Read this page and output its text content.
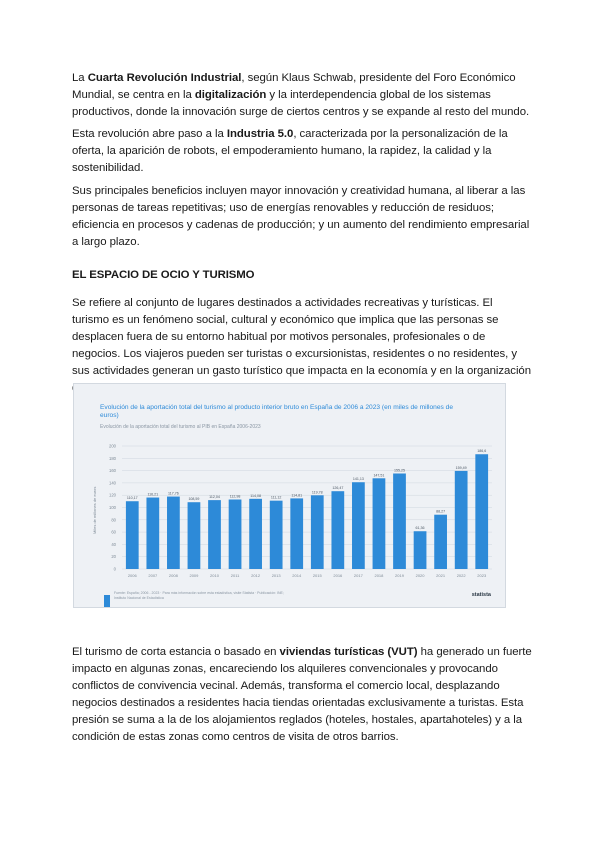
La Cuarta Revolución Industrial, según Klaus Schwab, presidente del Foro Económico Mundial, se centra en la digitalización y la interdependencia global de los sistemas productivos, donde la innovación surge de ciertos centros y se expande al resto del mundo.

Esta revolución abre paso a la Industria 5.0, caracterizada por la personalización de la oferta, la aparición de robots, el empoderamiento humano, la rapidez, la calidad y la sostenibilidad.

Sus principales beneficios incluyen mayor innovación y creatividad humana, al liberar a las personas de tareas repetitivas; uso de energías renovables y reducción de residuos; eficiencia en procesos y cadenas de producción; y un aumento del rendimiento empresarial a largo plazo.

EL ESPACIO DE OCIO Y TURISMO

Se refiere al conjunto de lugares destinados a actividades recreativas y turísticas. El turismo es un fenómeno social, cultural y económico que implica que las personas se desplacen fuera de su entorno habitual por motivos personales, profesionales o de negocios. Los viajeros pueden ser turistas o excursionistas, residentes o no residentes, y sus actividades generan un gasto turístico que impacta en la economía y en la organización

El turismo de corta estancia o basado en viviendas turísticas (VUT) ha generado un fuerte impacto en algunas zonas, encareciendo los alquileres convencionales y provocando conflictos de convivencia vecinal. Además, transforma el comercio local, desplazando negocios destinados a residentes hacia tiendas orientadas exclusivamente a turistas. Esta presión se suma a la de los alojamientos reglados (hoteles, hostales, apartahoteles) y a la condición de estas zonas como centros de visita de otros barrios.

Evolución de la aportación total del turismo al producto interior bruto en España de 2006 a 2023 (en miles de millones de euros)
Evolución de la aportación total del turismo al PIB en España 2006-2023
Miles de millones de euros
0
20
40
60
80
100
120
140
160
180
200
110,17
2006
116,21
2007
117,76
2008
108,59
2009
112,04
2010
112,98
2011
114,08
2012
111,12
2013
114,81
2014
119,78
2015
126,47
2016
141,13
2017
147,51
2018
155,25
2019
61,36
2020
88,27
2021
159,49
2022
186,6
2023
Fuente: España; 2006 - 2023 · Para más información sobre esta estadística, visite Statista · Publicación: INE; Instituto Nacional de Estadística	statista
